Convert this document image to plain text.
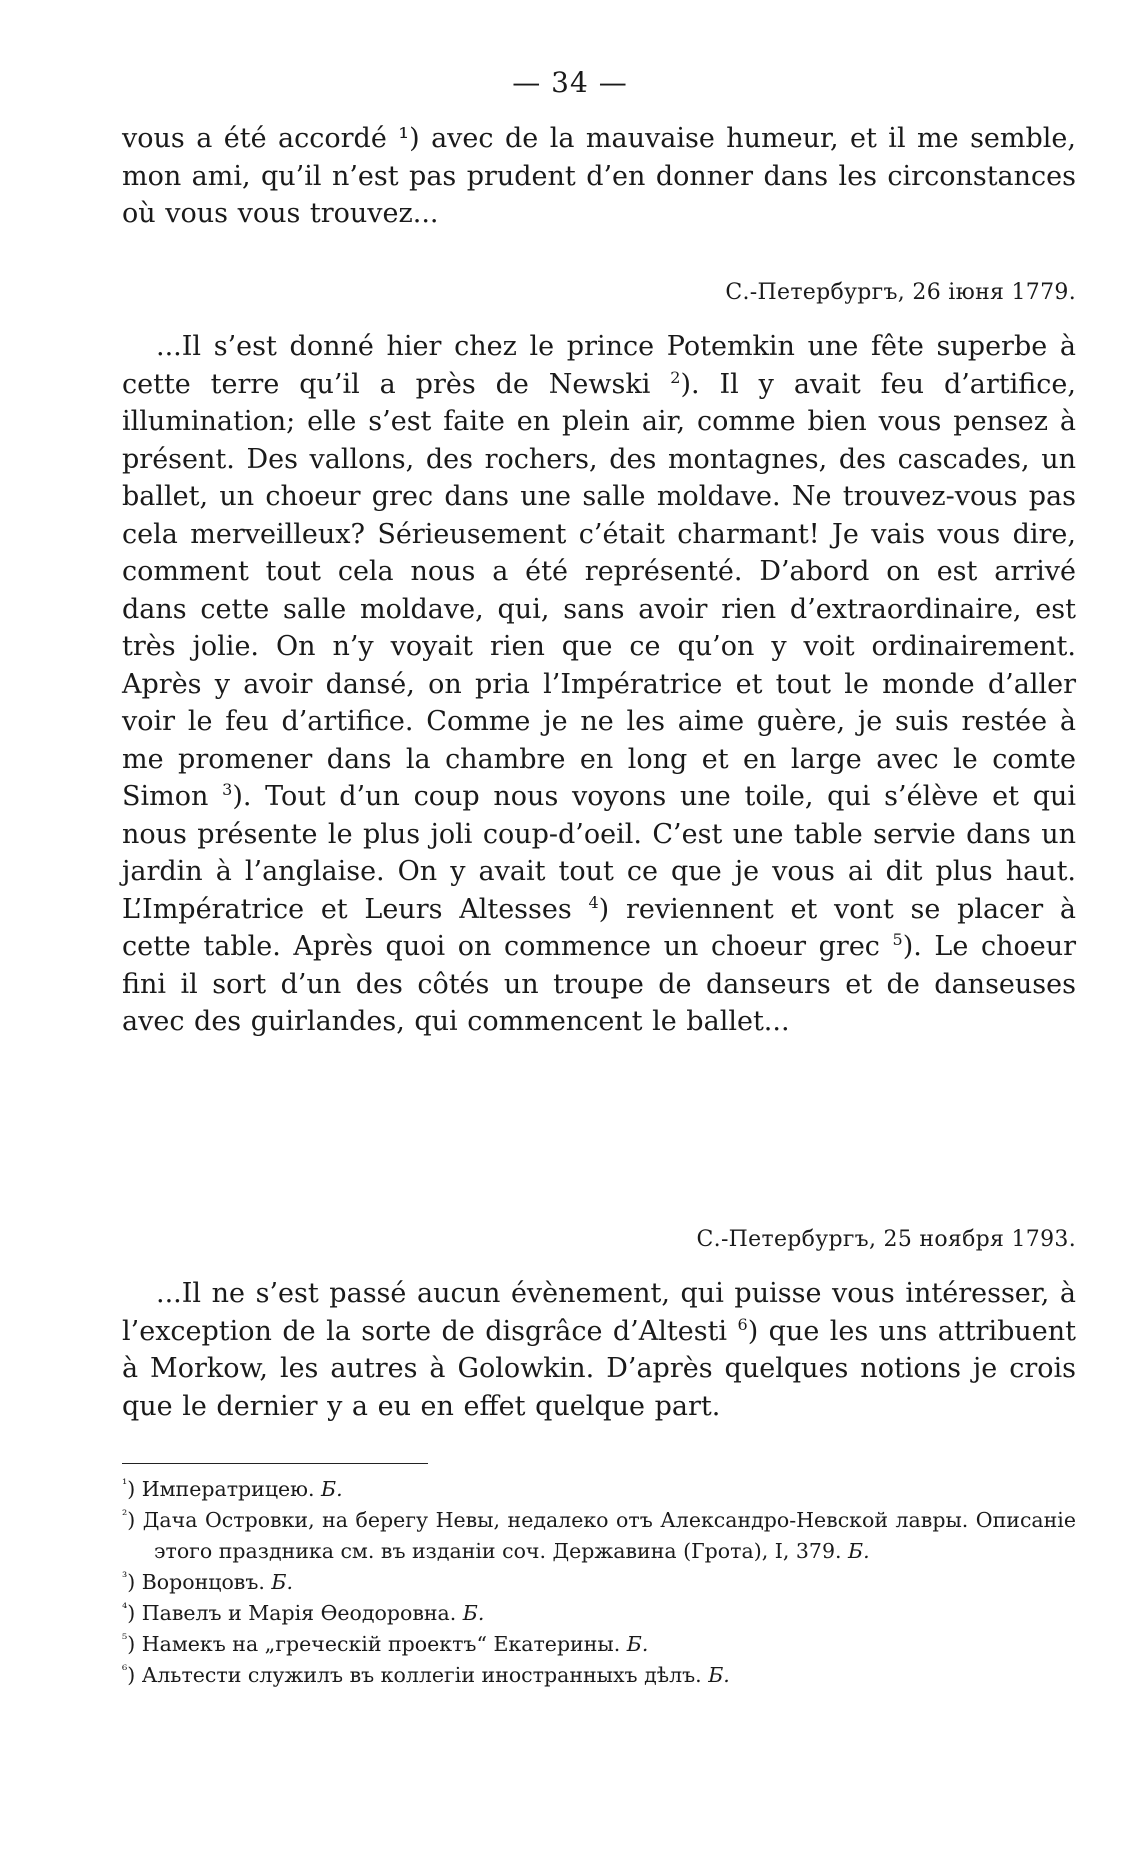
— 34 —

vous a été accordé ¹) avec de la mauvaise humeur, et il me semble, mon ami, qu’il n’est pas prudent d’en donner dans les circonstances où vous vous trouvez...

С.-Петербургъ, 26 іюня 1779.

...Il s’est donné hier chez le prince Potemkin une fête superbe à cette terre qu’il a près de Newski $^2$). Il y avait feu d’artifice, illumination; elle s’est faite en plein air, comme bien vous pensez à présent. Des vallons, des rochers, des montagnes, des cascades, un ballet, un choeur grec dans une salle moldave. Ne trouvez-vous pas cela merveilleux? Sérieusement c’était charmant! Je vais vous dire, comment tout cela nous a été représenté. D’abord on est arrivé dans cette salle moldave, qui, sans avoir rien d’extraordinaire, est très jolie. On n’y voyait rien que ce qu’on y voit ordinairement. Après y avoir dansé, on pria l’Impératrice et tout le monde d’aller voir le feu d’artifice. Comme je ne les aime guère, je suis restée à me promener dans la chambre en long et en large avec le comte Simon $^3$). Tout d’un coup nous voyons une toile, qui s’élève et qui nous présente le plus joli coup-d’oeil. C’est une table servie dans un jardin à l’anglaise. On y avait tout ce que je vous ai dit plus haut. L’Impératrice et Leurs Altesses $^4$) reviennent et vont se placer à cette table. Après quoi on commence un choeur grec $^5$). Le choeur fini il sort d’un des côtés un troupe de danseurs et de danseuses avec des guirlandes, qui commencent le ballet...

С.-Петербургъ, 25 ноября 1793.

...Il ne s’est passé aucun évènement, qui puisse vous intéresser, à l’exception de la sorte de disgrâce d’Altesti $^6$) que les uns attribuent à Morkow, les autres à Golowkin. D’après quelques notions je crois que le dernier y a eu en effet quelque part.

$^{^1}$) Императрицею. Б.

$^{^2}$) Дача Островки, на берегу Невы, недалеко отъ Александро-Невской лавры. Описаніе этого праздника см. въ изданіи соч. Державина (Грота), I, 379. Б.

$^{^3}$) Воронцовъ. Б.

$^{^4}$) Павелъ и Марія Ѳеодоровна. Б.

$^{^5}$) Намекъ на „греческій проектъ“ Екатерины. Б.

$^{^6}$) Альтести служилъ въ коллегіи иностранныхъ дѣлъ. Б.
